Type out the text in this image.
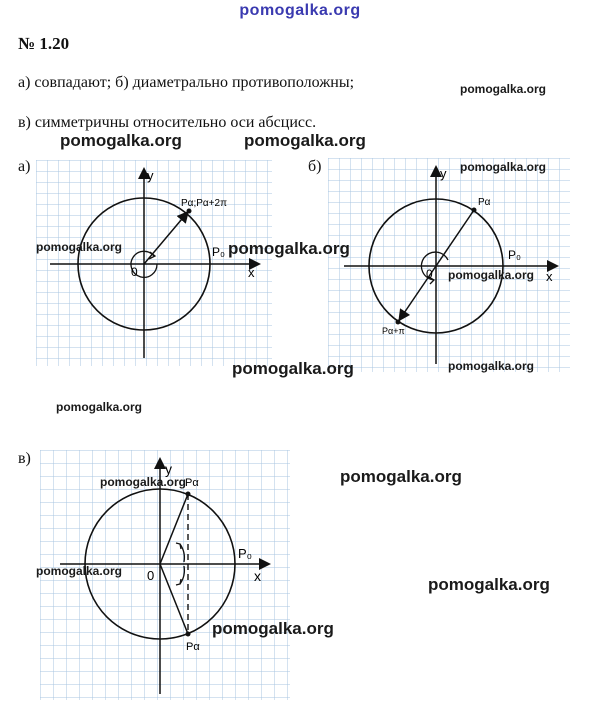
pomogalka.org
№ 1.20
а) совпадают; б) диаметрально противоположны;
в) симметричны относительно оси абсцисс.
а)	б)
в)
y
x
0
P₀
Pα;Pα+2π
y
x
0
P₀
Pα
Pα+π
y
x
0
P₀
Pα
Pα
pomogalka.org
pomogalka.org	pomogalka.org
pomogalka.org
pomogalka.org	pomogalka.org
pomogalka.org
pomogalka.org	pomogalka.org
pomogalka.org
pomogalka.org
pomogalka.org
pomogalka.org
pomogalka.org
pomogalka.org
